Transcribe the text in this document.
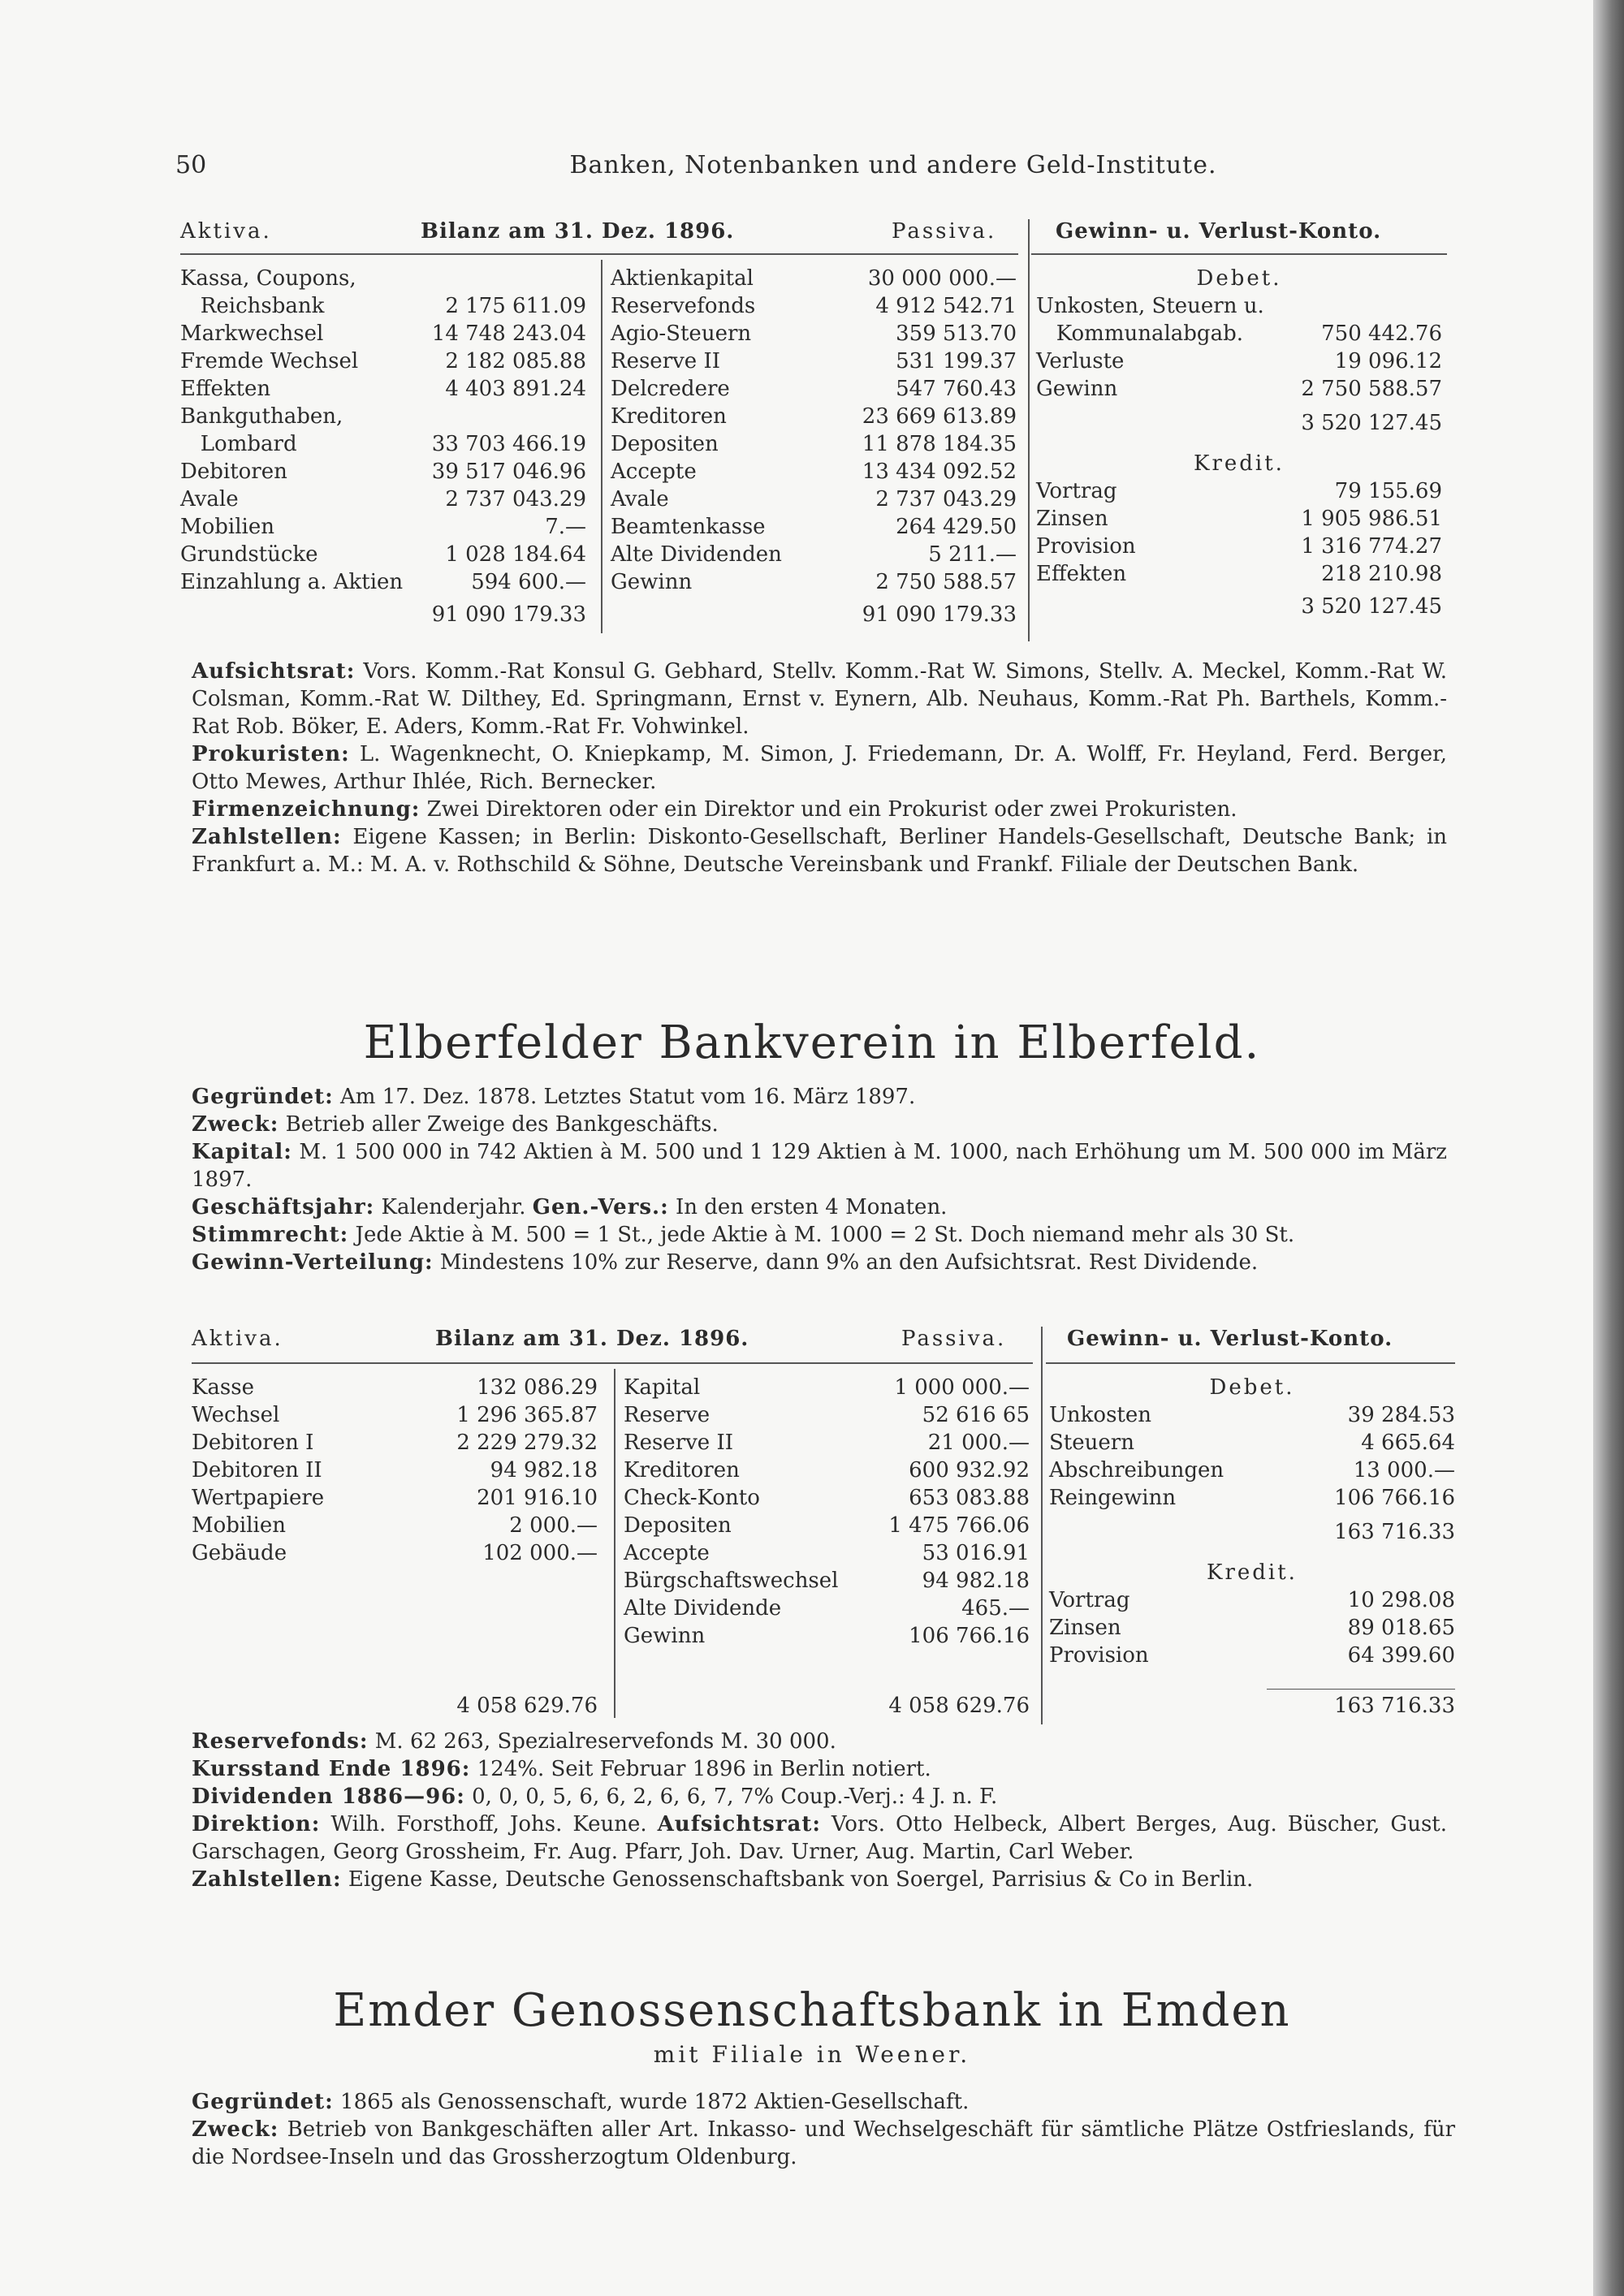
50	Banken, Notenbanken und andere Geld-Institute.
Aktiva.	Bilanz am 31. Dez. 1896.	Passiva.	Gewinn- u. Verlust-Konto.
Kassa, Coupons,
Reichsbank	2 175 611.09
Markwechsel	14 748 243.04
Fremde Wechsel	2 182 085.88
Effekten	4 403 891.24
Bankguthaben,
Lombard	33 703 466.19
Debitoren	39 517 046.96
Avale	2 737 043.29
Mobilien	7.—
Grundstücke	1 028 184.64
Einzahlung a. Aktien	594 600.—
91 090 179.33
Aktienkapital	30 000 000.—
Reservefonds	4 912 542.71
Agio-Steuern	359 513.70
Reserve II	531 199.37
Delcredere	547 760.43
Kreditoren	23 669 613.89
Depositen	11 878 184.35
Accepte	13 434 092.52
Avale	2 737 043.29
Beamtenkasse	264 429.50
Alte Dividenden	5 211.—
Gewinn	2 750 588.57
91 090 179.33
Debet.
Unkosten, Steuern u.
Kommunalabgab.	750 442.76
Verluste	19 096.12
Gewinn	2 750 588.57
3 520 127.45
Kredit.
Vortrag	79 155.69
Zinsen	1 905 986.51
Provision	1 316 774.27
Effekten	218 210.98
3 520 127.45
Aufsichtsrat: Vors. Komm.-Rat Konsul G. Gebhard, Stellv. Komm.-Rat W. Simons, Stellv. A. Meckel, Komm.-Rat W. Colsman, Komm.-Rat W. Dilthey, Ed. Springmann, Ernst v. Eynern, Alb. Neuhaus, Komm.-Rat Ph. Barthels, Komm.-Rat Rob. Böker, E. Aders, Komm.-Rat Fr. Vohwinkel.
Prokuristen: L. Wagenknecht, O. Kniepkamp, M. Simon, J. Friedemann, Dr. A. Wolff, Fr. Heyland, Ferd. Berger, Otto Mewes, Arthur Ihlée, Rich. Bernecker.
Firmenzeichnung: Zwei Direktoren oder ein Direktor und ein Prokurist oder zwei Prokuristen.
Zahlstellen: Eigene Kassen; in Berlin: Diskonto-Gesellschaft, Berliner Handels-Gesellschaft, Deutsche Bank; in Frankfurt a. M.: M. A. v. Rothschild & Söhne, Deutsche Vereinsbank und Frankf. Filiale der Deutschen Bank.
Elberfelder Bankverein in Elberfeld.
Gegründet: Am 17. Dez. 1878. Letztes Statut vom 16. März 1897.
Zweck: Betrieb aller Zweige des Bankgeschäfts.
Kapital: M. 1 500 000 in 742 Aktien à M. 500 und 1 129 Aktien à M. 1000, nach Erhöhung um M. 500 000 im März 1897.
Geschäftsjahr: Kalenderjahr. Gen.-Vers.: In den ersten 4 Monaten.
Stimmrecht: Jede Aktie à M. 500 = 1 St., jede Aktie à M. 1000 = 2 St. Doch niemand mehr als 30 St.
Gewinn-Verteilung: Mindestens 10% zur Reserve, dann 9% an den Aufsichtsrat. Rest Dividende.
Aktiva.	Bilanz am 31. Dez. 1896.	Passiva.	Gewinn- u. Verlust-Konto.
Kasse	132 086.29
Wechsel	1 296 365.87
Debitoren I	2 229 279.32
Debitoren II	94 982.18
Wertpapiere	201 916.10
Mobilien	2 000.—
Gebäude	102 000.—
4 058 629.76
Kapital	1 000 000.—
Reserve	52 616 65
Reserve II	21 000.—
Kreditoren	600 932.92
Check-Konto	653 083.88
Depositen	1 475 766.06
Accepte	53 016.91
Bürgschaftswechsel	94 982.18
Alte Dividende	465.—
Gewinn	106 766.16
4 058 629.76
Debet.
Unkosten	39 284.53
Steuern	4 665.64
Abschreibungen	13 000.—
Reingewinn	106 766.16
163 716.33
Kredit.
Vortrag	10 298.08
Zinsen	89 018.65
Provision	64 399.60
163 716.33
Reservefonds: M. 62 263, Spezialreservefonds M. 30 000.
Kursstand Ende 1896: 124%. Seit Februar 1896 in Berlin notiert.
Dividenden 1886—96: 0, 0, 0, 5, 6, 6, 2, 6, 6, 7, 7% Coup.-Verj.: 4 J. n. F.
Direktion: Wilh. Forsthoff, Johs. Keune. Aufsichtsrat: Vors. Otto Helbeck, Albert Berges, Aug. Büscher, Gust. Garschagen, Georg Grossheim, Fr. Aug. Pfarr, Joh. Dav. Urner, Aug. Martin, Carl Weber.
Zahlstellen: Eigene Kasse, Deutsche Genossenschaftsbank von Soergel, Parrisius & Co in Berlin.
Emder Genossenschaftsbank in Emden
mit Filiale in Weener.
Gegründet: 1865 als Genossenschaft, wurde 1872 Aktien-Gesellschaft.
Zweck: Betrieb von Bankgeschäften aller Art. Inkasso- und Wechselgeschäft für sämtliche Plätze Ostfrieslands, für die Nordsee-Inseln und das Grossherzogtum Oldenburg.
